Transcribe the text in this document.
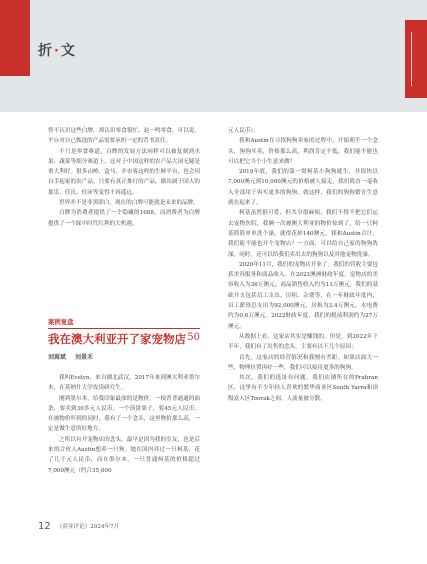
折·文

曾不认识这些白牌，却认识零食很忙、赵一鸣零食，可以说，平台对自己甄选的产品需要承担一定的背书责任。

不只是零食赛道，白牌的发展方法同样可以被复刻到水果、蔬菜等细分赛道上，这对于中国这样的农产品大国无疑是重大利好。很多山岭、盒马、开市客这样的生鲜平台，也会因自手起家的农产品，只要有真正推打的产品，做出属于国人的那乐、佳沃、佳沛等变得不再遥远。

世界并不是非黑即白，现在的白牌可能就是未来的品牌。

白牌为消费者提供了一个隐藏的1688，而消费者为白牌提供了一个踩中时代红利的大机遇。

案例复盘
我在澳大利亚开了家宠物店 50
刘寓斌 刘景禾

我叫Evelyn，来自湖北武汉，2017年来到澳大利亚墨尔本，在莫纳什大学攻读研究生。

刚到墨尔本，给我印象最深的是物价，一根普普通通的油条，要卖到30多元人民币，一个煎饼果子，要45元人民币。在被物价吓到的同时，我有了一个念头，这里物价那么高，一定是做生意的好地方。

之所以有开宠物店的念头，最早是因为我的室友，也是后来的合伙人Austin想养一只狗。她在国内养过一只柯基，花了几千元人民币，而在墨尔本，一只普通柯基的价格超过7,000澳元（约合35,000

元人民币）。

我和Austin在寻找狗狗卖家的过程中，开始萌生一个念头，狗狗买卖，价格那么高，利润肯定不低，我们能不能也可以把它当个小生意来做？

2019年底，我们的第一窝柯基小狗狗诞生，并很快以7,000澳元到10,000澳元的价格被人接走，我们简直一毫收入全部用于再买更多的狗狗，就这样，我们的狗狗繁育生意就在起来了。

柯基虽然很可爱，但共享很麻烦，我们不得不把它们运去宠物医院，我俩一次被澳大利亚的物价惊到了，给一只柯基简简单单洗个澡，就得花掉140澳元，我和Austin合计，我们能不能也开个宠物店？一方面，可以给自己家的狗狗洗澡，同时，还可以给我们卖出去的狗狗以及其他宠物洗澡。

2020年11月，我们的宠物店开业了。我们的营收主要包括美容服务和商品收入。在2022澳洲财政年度，宠物店的美容收入为36万澳元，商品销售收入约为13万澳元，我们的基础开支包括员工支出、房租、杂费等，在一年财政年度内，员工薪资总支出为92,000澳元，房租为3.4万澳元，水电费约为0.6万澳元。2022财政年度，我们的税前利润约为27万澳元。

从数据上看，这家店其实是赚钱的，但是，到2022年下半年，我们有了出售的念头，主要有以下几个原因：

首先，这家店的经营情况和我刚有差距。如果店面大一些，物理位置再好一些，我们可以接待更多的狗狗。

其次，我们的选址有问题。我们店铺所在的Prahran区，这里有不少年轻人喜欢的繁华商业区South Yarra和顶级富人区Toorak之间，人流量被分散。

12 《商业评论》2024年7月
